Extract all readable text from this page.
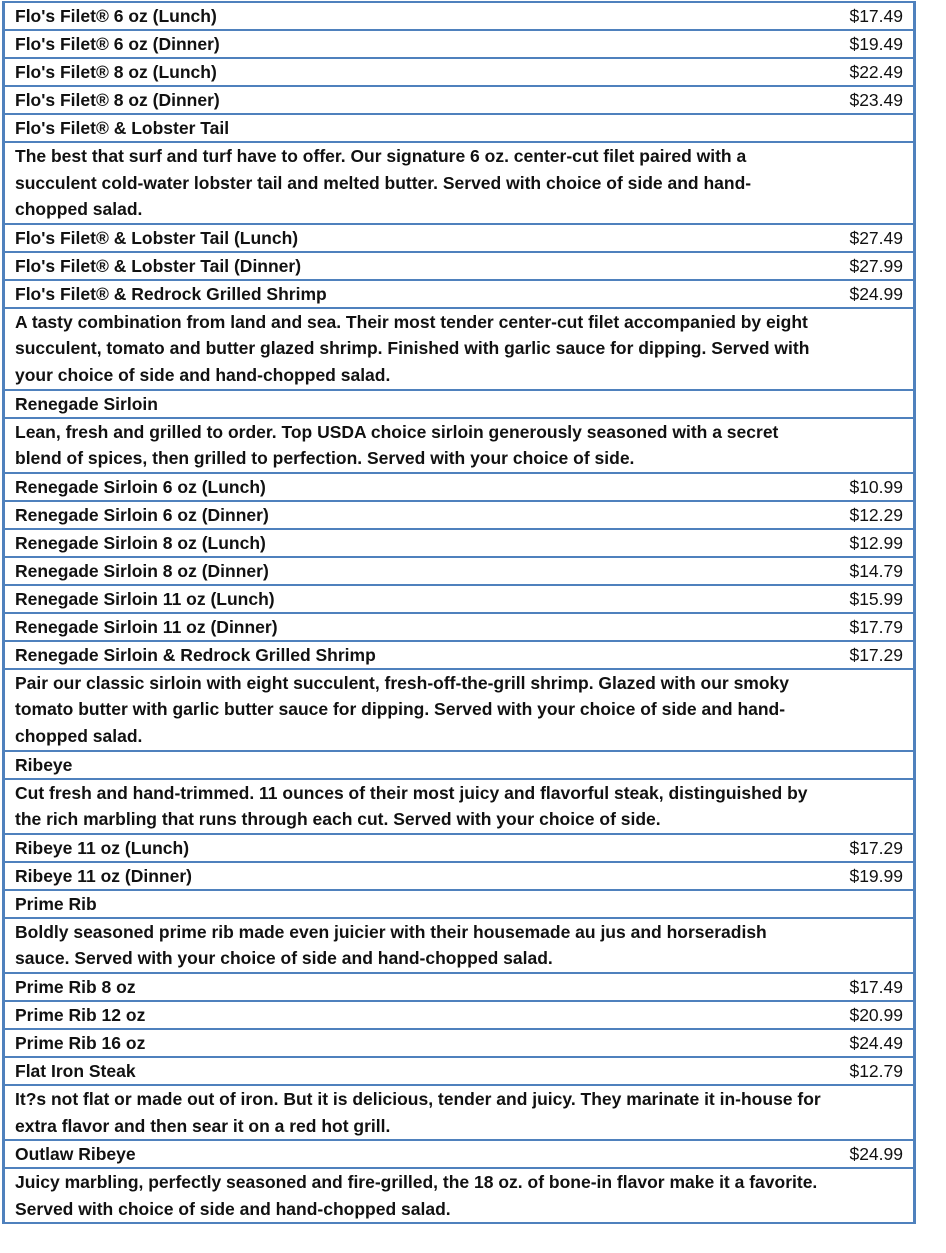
Flo's Filet® 6 oz (Lunch)	$17.49
Flo's Filet® 6 oz (Dinner)	$19.49
Flo's Filet® 8 oz (Lunch)	$22.49
Flo's Filet® 8 oz (Dinner)	$23.49
Flo's Filet® & Lobster Tail	
The best that surf and turf have to offer. Our signature 6 oz. center-cut filet paired with a succulent cold-water lobster tail and melted butter. Served with choice of side and hand-chopped salad.	
Flo's Filet® & Lobster Tail (Lunch)	$27.49
Flo's Filet® & Lobster Tail (Dinner)	$27.99
Flo's Filet® & Redrock Grilled Shrimp	$24.99
A tasty combination from land and sea. Their most tender center-cut filet accompanied by eight succulent, tomato and butter glazed shrimp. Finished with garlic sauce for dipping. Served with your choice of side and hand-chopped salad.	
Renegade Sirloin	
Lean, fresh and grilled to order. Top USDA choice sirloin generously seasoned with a secret blend of spices, then grilled to perfection. Served with your choice of side.	
Renegade Sirloin 6 oz (Lunch)	$10.99
Renegade Sirloin 6 oz (Dinner)	$12.29
Renegade Sirloin 8 oz (Lunch)	$12.99
Renegade Sirloin 8 oz (Dinner)	$14.79
Renegade Sirloin 11 oz (Lunch)	$15.99
Renegade Sirloin 11 oz (Dinner)	$17.79
Renegade Sirloin & Redrock Grilled Shrimp	$17.29
Pair our classic sirloin with eight succulent, fresh-off-the-grill shrimp. Glazed with our smoky tomato butter with garlic butter sauce for dipping. Served with your choice of side and hand-chopped salad.	
Ribeye	
Cut fresh and hand-trimmed. 11 ounces of their most juicy and flavorful steak, distinguished by the rich marbling that runs through each cut. Served with your choice of side.	
Ribeye 11 oz (Lunch)	$17.29
Ribeye 11 oz (Dinner)	$19.99
Prime Rib	
Boldly seasoned prime rib made even juicier with their housemade au jus and horseradish sauce. Served with your choice of side and hand-chopped salad.	
Prime Rib 8 oz	$17.49
Prime Rib 12 oz	$20.99
Prime Rib 16 oz	$24.49
Flat Iron Steak	$12.79
It?s not flat or made out of iron. But it is delicious, tender and juicy. They marinate it in-house for extra flavor and then sear it on a red hot grill.	
Outlaw Ribeye	$24.99
Juicy marbling, perfectly seasoned and fire-grilled, the 18 oz. of bone-in flavor make it a favorite. Served with choice of side and hand-chopped salad.	
